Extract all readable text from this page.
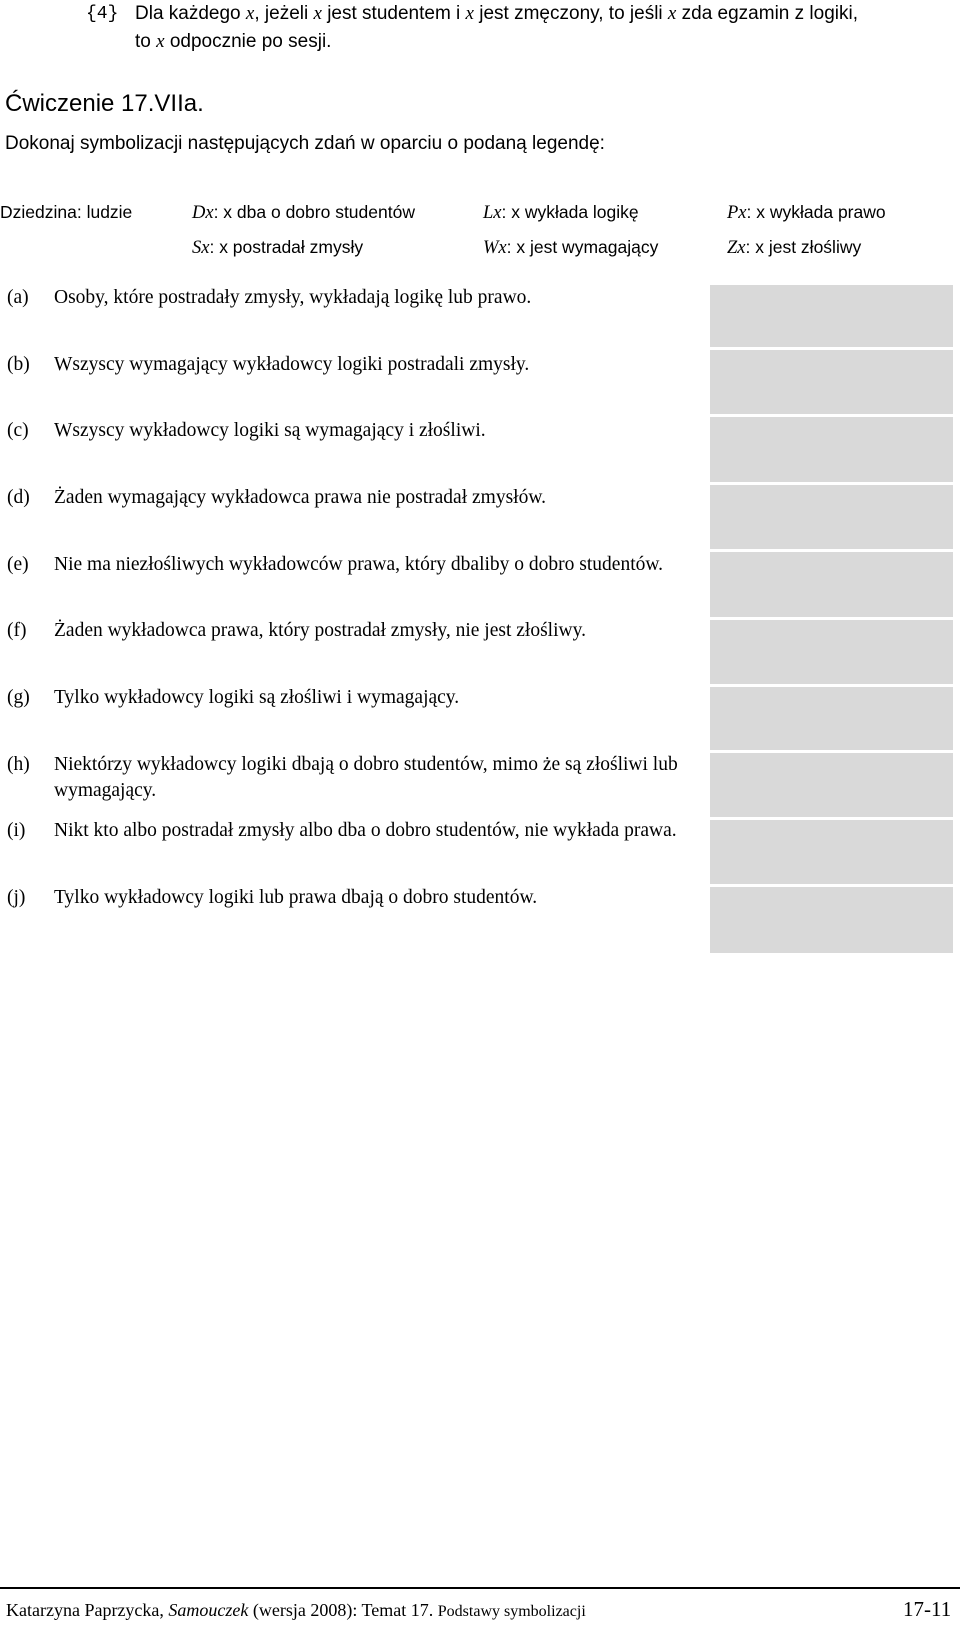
{4} Dla każdego x, jeżeli x jest studentem i x jest zmęczony, to jeśli x zda egzamin z logiki,
to x odpocznie po sesji.
Ćwiczenie 17.VIIa.
Dokonaj symbolizacji następujących zdań w oparciu o podaną legendę:
Dziedzina: ludzie	Dx: x dba o dobro studentów	Lx: x wykłada logikę	Px: x wykłada prawo
Sx: x postradał zmysły	Wx: x jest wymagający	Zx: x jest złośliwy
(a) Osoby, które postradały zmysły, wykładają logikę lub prawo.
(b) Wszyscy wymagający wykładowcy logiki postradali zmysły.
(c) Wszyscy wykładowcy logiki są wymagający i złośliwi.
(d) Żaden wymagający wykładowca prawa nie postradał zmysłów.
(e) Nie ma niezłośliwych wykładowców prawa, który dbaliby o dobro studentów.
(f) Żaden wykładowca prawa, który postradał zmysły, nie jest złośliwy.
(g) Tylko wykładowcy logiki są złośliwi i wymagający.
(h) Niektórzy wykładowcy logiki dbają o dobro studentów, mimo że są złośliwi lub wymagający.
(i) Nikt kto albo postradał zmysły albo dba o dobro studentów, nie wykłada prawa.
(j) Tylko wykładowcy logiki lub prawa dbają o dobro studentów.
Katarzyna Paprzycka, Samouczek (wersja 2008): Temat 17. Podstawy symbolizacji	17-11
